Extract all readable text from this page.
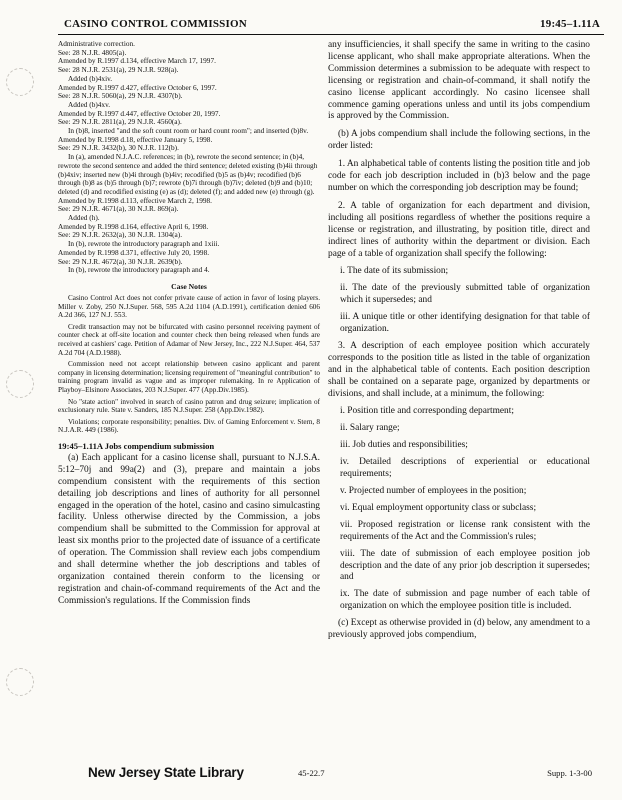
CASINO CONTROL COMMISSION	19:45–1.11A

Administrative correction.

See: 28 N.J.R. 4805(a).

Amended by R.1997 d.134, effective March 17, 1997.

See: 28 N.J.R. 2531(a), 29 N.J.R. 928(a).

Added (b)4xiv.

Amended by R.1997 d.427, effective October 6, 1997.

See: 28 N.J.R. 5060(a), 29 N.J.R. 4307(b).

Added (b)4xv.

Amended by R.1997 d.447, effective October 20, 1997.

See: 29 N.J.R. 2811(a), 29 N.J.R. 4560(a).

In (b)8, inserted "and the soft count room or hard count room"; and inserted (b)8v.

Amended by R.1998 d.18, effective January 5, 1998.

See: 29 N.J.R. 3432(b), 30 N.J.R. 112(b).

In (a), amended N.J.A.C. references; in (b), rewrote the second sentence; in (b)4, rewrote the second sentence and added the third sentence; deleted existing (b)4ii through (b)4xiv; inserted new (b)4i through (b)4iv; recodified (b)5 as (b)4v; recodified (b)6 through (b)8 as (b)5 through (b)7; rewrote (b)7i through (b)7iv; deleted (b)9 and (b)10; deleted (d) and recodified existing (e) as (d); deleted (f); and added new (e) through (g).

Amended by R.1998 d.113, effective March 2, 1998.

See: 29 N.J.R. 4671(a), 30 N.J.R. 869(a).

Added (h).

Amended by R.1998 d.164, effective April 6, 1998.

See: 29 N.J.R. 2632(a), 30 N.J.R. 1304(a).

In (b), rewrote the introductory paragraph and 1xiii.

Amended by R.1998 d.371, effective July 20, 1998.

See: 29 N.J.R. 4672(a), 30 N.J.R. 2639(b).

In (b), rewrote the introductory paragraph and 4.

Case Notes

Casino Control Act does not confer private cause of action in favor of losing players. Miller v. Zoby, 250 N.J.Super. 568, 595 A.2d 1104 (A.D.1991), certification denied 606 A.2d 366, 127 N.J. 553.

Credit transaction may not be bifurcated with casino personnel receiving payment of counter check at off-site location and counter check then being released when funds are received at cashiers' cage. Petition of Adamar of New Jersey, Inc., 222 N.J.Super. 464, 537 A.2d 704 (A.D.1988).

Commission need not accept relationship between casino applicant and parent company in licensing determination; licensing requirement of "meaningful contribution" to training program invalid as vague and as improper rulemaking. In re Application of Playboy–Elsinore Associates, 203 N.J.Super. 477 (App.Div.1985).

No "state action" involved in search of casino patron and drug seizure; implication of exclusionary rule. State v. Sanders, 185 N.J.Super. 258 (App.Div.1982).

Violations; corporate responsibility; penalties. Div. of Gaming Enforcement v. Stern, 8 N.J.A.R. 449 (1986).

19:45–1.11A Jobs compendium submission

(a) Each applicant for a casino license shall, pursuant to N.J.S.A. 5:12–70j and 99a(2) and (3), prepare and maintain a jobs compendium consistent with the requirements of this section detailing job descriptions and lines of authority for all personnel engaged in the operation of the hotel, casino and casino simulcasting facility. Unless otherwise directed by the Commission, a jobs compendium shall be submitted to the Commission for approval at least six months prior to the projected date of issuance of a certificate of operation. The Commission shall review each jobs compendium and shall determine whether the job descriptions and tables of organization contained therein conform to the licensing or registration and chain-of-command requirements of the Act and the Commission's regulations. If the Commission finds

any insufficiencies, it shall specify the same in writing to the casino license applicant, who shall make appropriate alterations. When the Commission determines a submission to be adequate with respect to licensing or registration and chain-of-command, it shall notify the casino license applicant accordingly. No casino licensee shall commence gaming operations unless and until its jobs compendium is approved by the Commission.

(b) A jobs compendium shall include the following sections, in the order listed:

1. An alphabetical table of contents listing the position title and job code for each job description included in (b)3 below and the page number on which the corresponding job description may be found;

2. A table of organization for each department and division, including all positions regardless of whether the positions require a license or registration, and illustrating, by position title, direct and indirect lines of authority within the department or division. Each page of a table of organization shall specify the following:

i. The date of its submission;

ii. The date of the previously submitted table of organization which it supersedes; and

iii. A unique title or other identifying designation for that table of organization.

3. A description of each employee position which accurately corresponds to the position title as listed in the table of organization and in the alphabetical table of contents. Each position description shall be contained on a separate page, organized by departments or divisions, and shall include, at a minimum, the following:

i. Position title and corresponding department;

ii. Salary range;

iii. Job duties and responsibilities;

iv. Detailed descriptions of experiential or educational requirements;

v. Projected number of employees in the position;

vi. Equal employment opportunity class or subclass;

vii. Proposed registration or license rank consistent with the requirements of the Act and the Commission's rules;

viii. The date of submission of each employee position job description and the date of any prior job description it supersedes; and

ix. The date of submission and page number of each table of organization on which the employee position title is included.

(c) Except as otherwise provided in (d) below, any amendment to a previously approved jobs compendium,

New Jersey State Library	45-22.7	Supp. 1-3-00
